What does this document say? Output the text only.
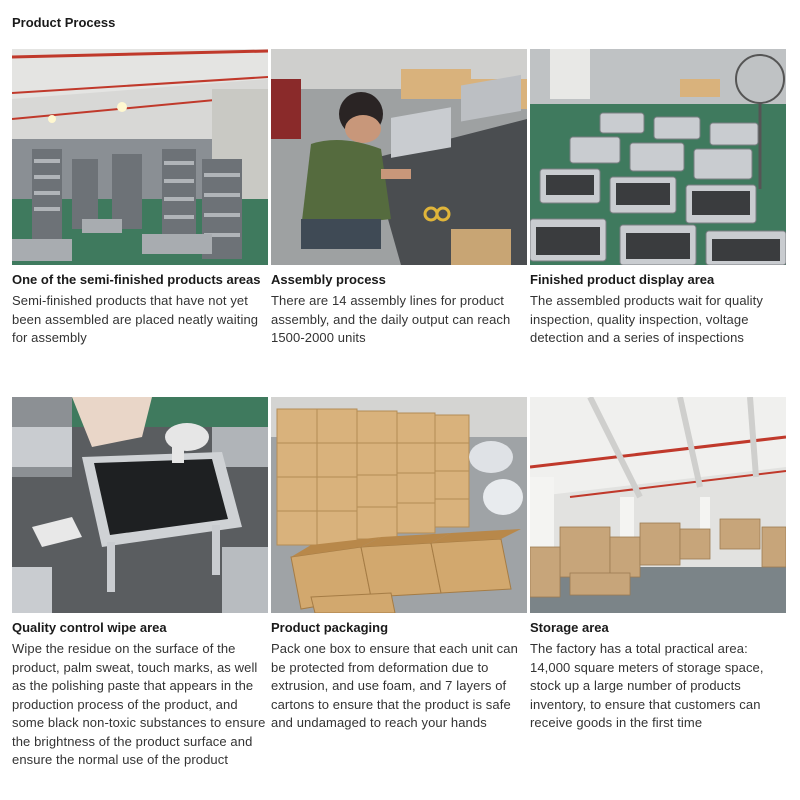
Product Process
One of the semi-finished products areas
Semi-finished products that have not yet been assembled are placed neatly waiting for assembly
Assembly process
There are 14 assembly lines for product assembly, and the daily output can reach 1500-2000 units
Finished product display area
The assembled products wait for quality inspection, quality inspection, voltage detection and a series of inspections
Quality control wipe area
Wipe the residue on the surface of the product, palm sweat, touch marks, as well as the polishing paste that appears in the production process of the product, and some black non-toxic substances to ensure the brightness of the product surface and ensure the normal use of the product
Product packaging
Pack one box to ensure that each unit can be protected from deformation due to extrusion, and use foam, and 7 layers of cartons to ensure that the product is safe and undamaged to reach your hands
Storage area
The factory has a total practical area: 14,000 square meters of storage space, stock up a large number of products inventory, to ensure that customers can receive goods in the first time
